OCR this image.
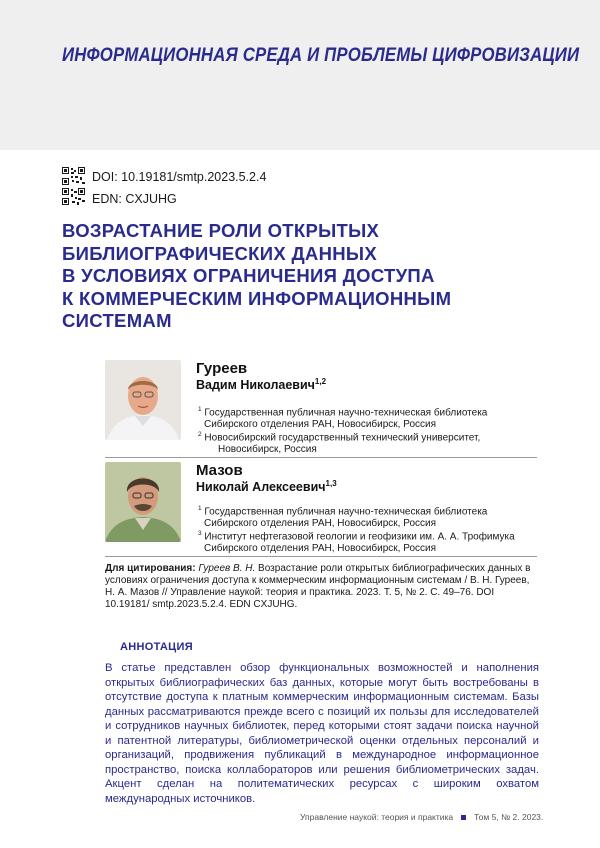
ИНФОРМАЦИОННАЯ СРЕДА И ПРОБЛЕМЫ ЦИФРОВИЗАЦИИ
DOI: 10.19181/smtp.2023.5.2.4
EDN: CXJUHG
ВОЗРАСТАНИЕ РОЛИ ОТКРЫТЫХ
БИБЛИОГРАФИЧЕСКИХ ДАННЫХ
В УСЛОВИЯХ ОГРАНИЧЕНИЯ ДОСТУПА
К КОММЕРЧЕСКИМ ИНФОРМАЦИОННЫМ
СИСТЕМАМ
Гуреев
Вадим Николаевич$^{1,2}$
$^1$ Государственная публичная научно-техническая библиотека
Сибирского отделения РАН, Новосибирск, Россия
$^2$ Новосибирский государственный технический университет,
Новосибирск, Россия
Мазов
Николай Алексеевич$^{1,3}$
$^1$ Государственная публичная научно-техническая библиотека
Сибирского отделения РАН, Новосибирск, Россия
$^3$ Институт нефтегазовой геологии и геофизики им. А. А. Трофимука
Сибирского отделения РАН, Новосибирск, Россия
Для цитирования: Гуреев В. Н. Возрастание роли открытых библиографических данных в условиях ограничения доступа к коммерческим информационным системам / В. Н. Гуреев, Н. А. Мазов // Управление наукой: теория и практика. 2023. Т. 5, № 2. С. 49–76. DOI 10.19181/ smtp.2023.5.2.4. EDN CXJUHG.
АННОТАЦИЯ
В статье представлен обзор функциональных возможностей и наполнения открытых библиографических баз данных, которые могут быть востребованы в отсутствие доступа к платным коммерческим информационным системам. Базы данных рассматриваются прежде всего с позиций их пользы для исследователей и сотрудников научных библиотек, перед которыми стоят задачи поиска научной и патентной литературы, библиометрической оценки отдельных персоналий и организаций, продвижения публикаций в международное информационное пространство, поиска коллабораторов или решения библиометрических задач. Акцент сделан на политематических ресурсах с широким охватом международных источников.
Управление наукой: теория и практика Том 5, № 2. 2023.
